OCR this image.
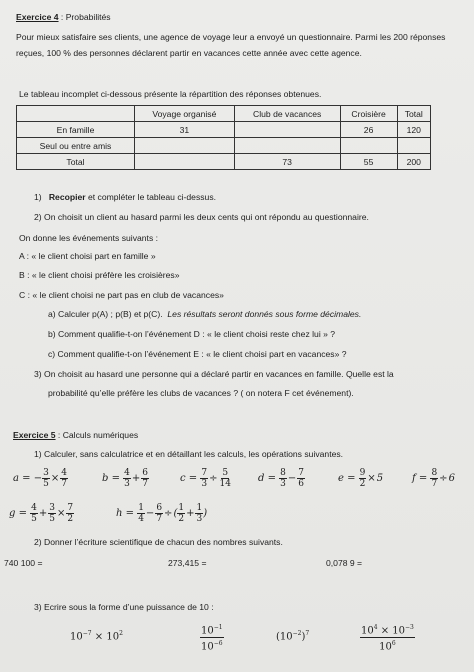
Exercice 4 : Probabilités
Pour mieux satisfaire ses clients, une agence de voyage leur a envoyé un questionnaire. Parmi les 200 réponses reçues, 100 % des personnes déclarent partir en vacances cette année avec cette agence.
Le tableau incomplet ci-dessous présente la répartition des réponses obtenues.
	Voyage organisé	Club de vacances	Croisière	Total
En famille	31		26	120
Seul ou entre amis				
Total		73	55	200
1) Recopier et compléter le tableau ci-dessus.
2) On choisit un client au hasard parmi les deux cents qui ont répondu au questionnaire.
On donne les événements suivants :
A : « le client choisi part en famille »
B : « le client choisi préfère les croisières»
C : « le client choisi ne part pas en club de vacances»
a) Calculer p(A) ; p(B) et p(C). Les résultats seront donnés sous forme décimales.
b) Comment qualifie-t-on l’événement D : « le client choisi reste chez lui » ?
c) Comment qualifie-t-on l’événement E : « le client choisi part en vacances» ?
3) On choisit au hasard une personne qui a déclaré partir en vacances en famille. Quelle est la
probabilité qu’elle préfère les clubs de vacances ? ( on notera F cet événement).
Exercice 5 : Calculs numériques
1) Calculer, sans calculatrice et en détaillant les calculs, les opérations suivantes.
a = − $\frac{3}{5} \times \frac{4}{7}$	$b = \frac{4}{3} + \frac{6}{7}$	$c = \frac{7}{3} \div \frac{5}{14}$	$d = \frac{8}{3} - \frac{7}{6}$	$e = \frac{9}{2} \times 5$	$f = \frac{8}{7} \div 6$
$g = \frac{4}{5} + \frac{3}{5} \times \frac{7}{2}$	$h = \frac{1}{4} - \frac{6}{7}$ ÷( $\frac{1}{2} + \frac{1}{3}$ )
2) Donner l’écriture scientifique de chacun des nombres suivants.
740 100 =	273,415 =	0,078 9 =
3) Ecrire sous la forme d’une puissance de 10 :
$10^{-7} \times 10^2$	$\frac{10^{-1}}{10^{-6}}$	$(10^{-2})^7$	$\frac{10^4 \times 10^{-3}}{10^6}$
